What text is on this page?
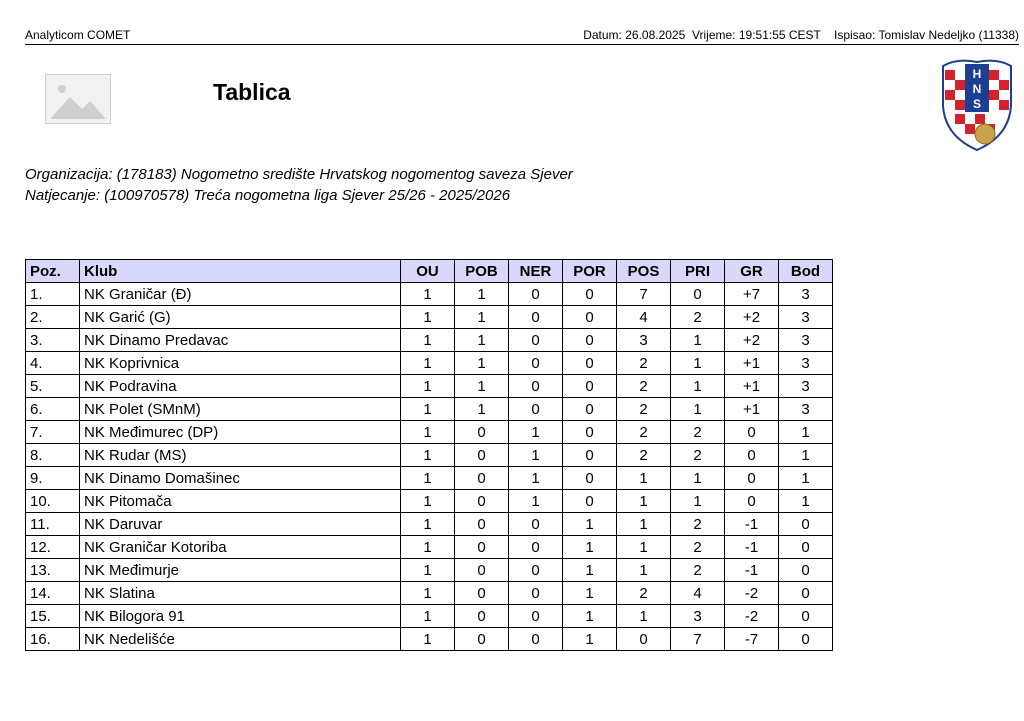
Analyticom COMET	Datum: 26.08.2025  Vrijeme: 19:51:55 CEST    Ispisao: Tomislav Nedeljko (11338)
Tablica
H
N
S
Organizacija: (178183) Nogometno središte Hrvatskog nogomentog saveza Sjever
Natjecanje: (100970578) Treća nogometna liga Sjever 25/26 - 2025/2026
Poz.	Klub	OU	POB	NER	POR	POS	PRI	GR	Bod
1.	NK Graničar (Đ)	1	1	0	0	7	0	+7	3
2.	NK Garić (G)	1	1	0	0	4	2	+2	3
3.	NK Dinamo Predavac	1	1	0	0	3	1	+2	3
4.	NK Koprivnica	1	1	0	0	2	1	+1	3
5.	NK Podravina	1	1	0	0	2	1	+1	3
6.	NK Polet (SMnM)	1	1	0	0	2	1	+1	3
7.	NK Međimurec (DP)	1	0	1	0	2	2	0	1
8.	NK Rudar (MS)	1	0	1	0	2	2	0	1
9.	NK Dinamo Domašinec	1	0	1	0	1	1	0	1
10.	NK Pitomača	1	0	1	0	1	1	0	1
11.	NK Daruvar	1	0	0	1	1	2	-1	0
12.	NK Graničar Kotoriba	1	0	0	1	1	2	-1	0
13.	NK Međimurje	1	0	0	1	1	2	-1	0
14.	NK Slatina	1	0	0	1	2	4	-2	0
15.	NK Bilogora 91	1	0	0	1	1	3	-2	0
16.	NK Nedelišće	1	0	0	1	0	7	-7	0
